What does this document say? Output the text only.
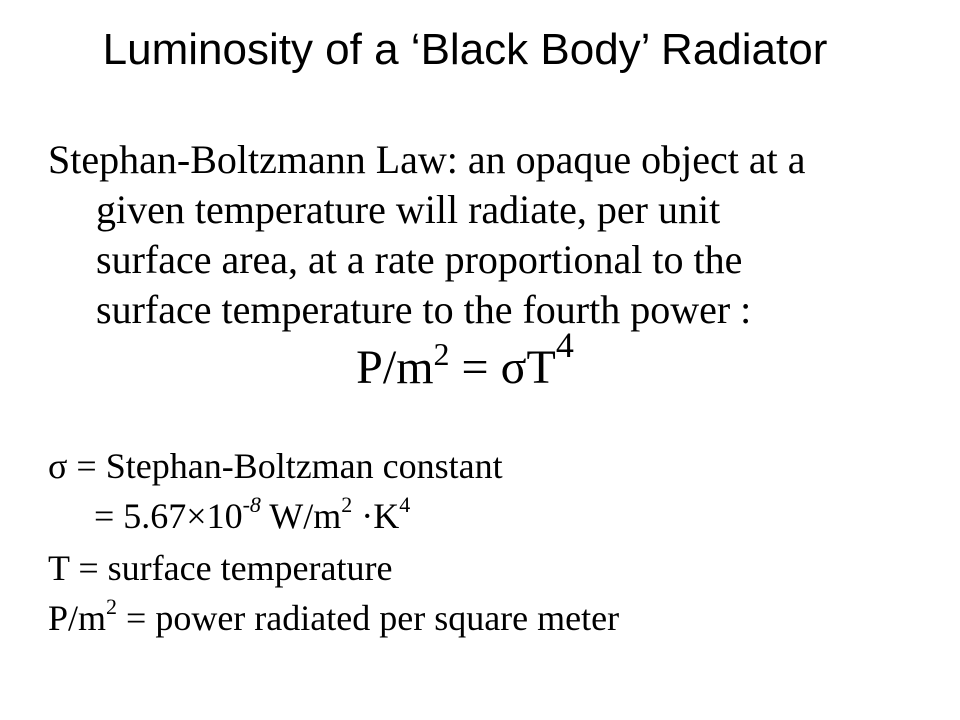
Luminosity of a ‘Black Body’ Radiator
Stephan-Boltzmann Law: an opaque object at a
given temperature will radiate, per unit
surface area, at a rate proportional to the
surface temperature to the fourth power :
$P/m^2 = \sigma T^4$
σ = Stephan-Boltzman constant
= $5.67\times 10^{-8}$ $W/m^2 \cdot K^4$
T = surface temperature
$P/m^2$ = power radiated per square meter
